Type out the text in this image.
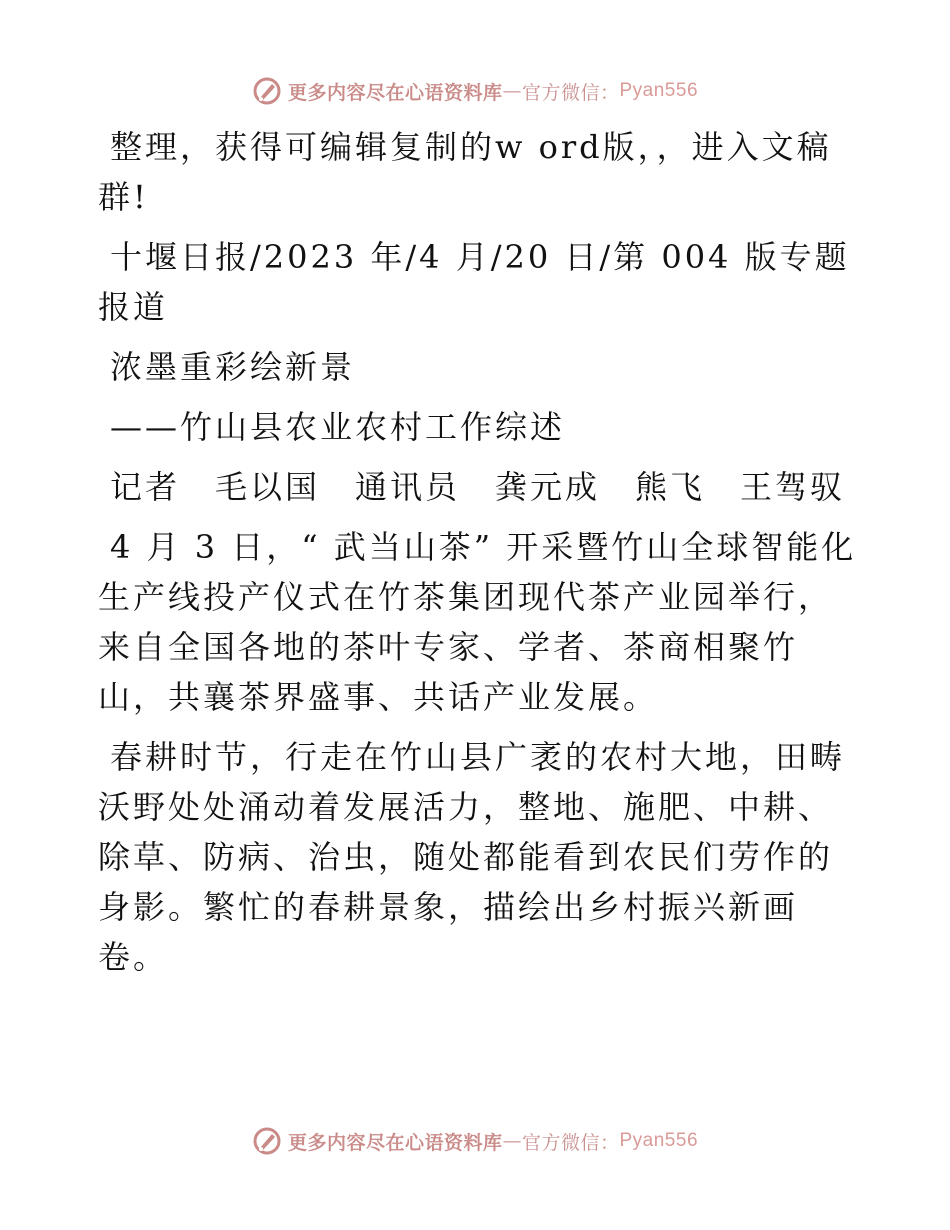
更多内容尽在心语资料库 — 官方微信： Pyan556

整理，获得可编辑复制的w ord版，，进入文稿群!

十堰日报/2023 年/4 月/20 日/第 004 版专题报道

浓墨重彩绘新景

——竹山县农业农村工作综述

记者　毛以国　通讯员　龚元成　熊飞　王驾驭

4 月 3 日，“ 武当山茶” 开采暨竹山全球智能化生产线投产仪式在竹茶集团现代茶产业园举行，来自全国各地的茶叶专家、学者、茶商相聚竹山，共襄茶界盛事、共话产业发展。

春耕时节，行走在竹山县广袤的农村大地，田畴沃野处处涌动着发展活力，整地、施肥、中耕、除草、防病、治虫，随处都能看到农民们劳作的身影。繁忙的春耕景象，描绘出乡村振兴新画卷。

更多内容尽在心语资料库 — 官方微信： Pyan556
